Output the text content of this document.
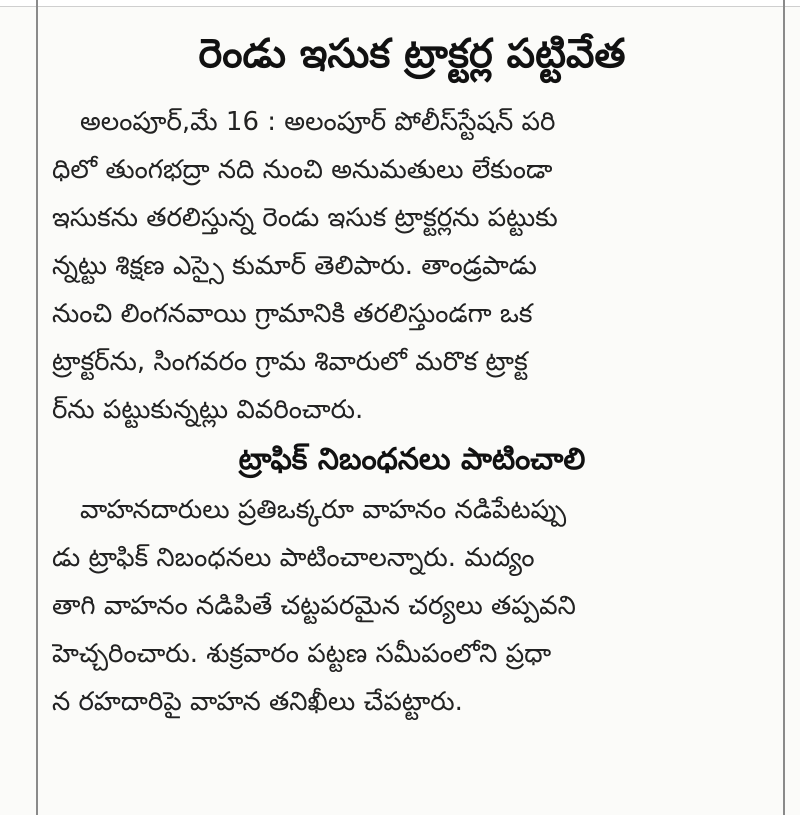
రెండు ఇసుక ట్రాక్టర్ల పట్టివేత

అలంపూర్,మే 16 : అలంపూర్ పోలీస్‌స్టేషన్ పరి
ధిలో తుంగభద్రా నది నుంచి అనుమతులు లేకుండా
ఇసుకను తరలిస్తున్న రెండు ఇసుక ట్రాక్టర్లను పట్టుకు
న్నట్టు శిక్షణ ఎస్సై కుమార్ తెలిపారు. తాండ్రపాడు
నుంచి లింగనవాయి గ్రామానికి తరలిస్తుండగా ఒక
ట్రాక్టర్‌ను, సింగవరం గ్రామ శివారులో మరొక ట్రాక్ట
ర్‌ను పట్టుకున్నట్లు వివరించారు.

ట్రాఫిక్ నిబంధనలు పాటించాలి

వాహనదారులు ప్రతిఒక్కరూ వాహనం నడిపేటప్పు
డు ట్రాఫిక్ నిబంధనలు పాటించాలన్నారు. మద్యం
తాగి వాహనం నడిపితే చట్టపరమైన చర్యలు తప్పవని
హెచ్చరించారు. శుక్రవారం పట్టణ సమీపంలోని ప్రధా
న రహదారిపై వాహన తనిఖీలు చేపట్టారు.
